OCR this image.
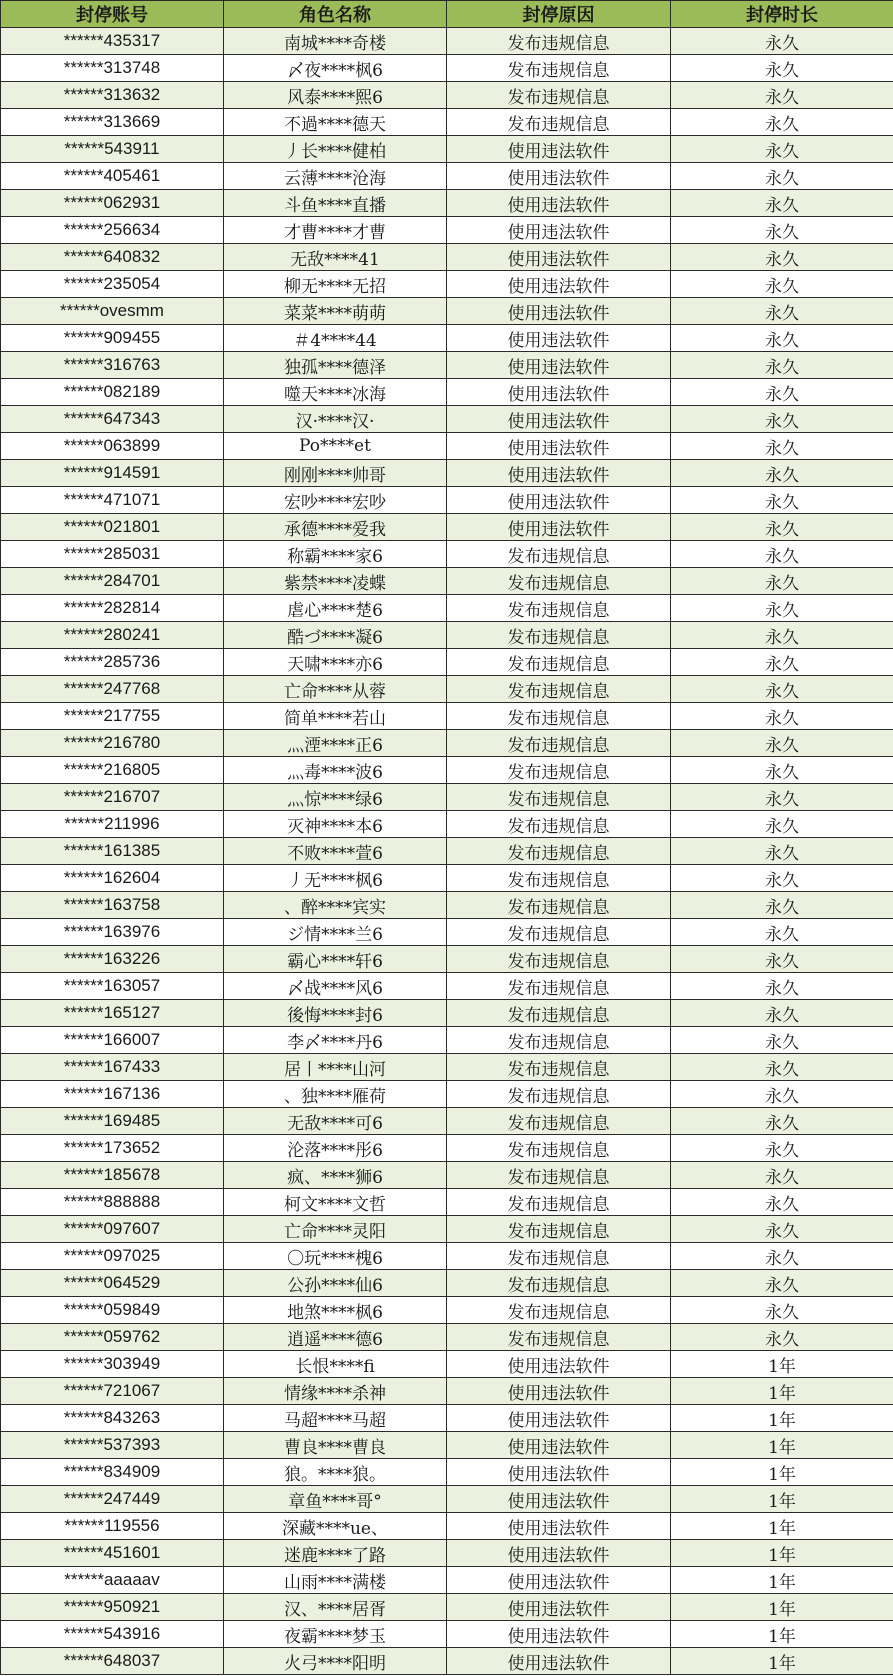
封停账号	角色名称	封停原因	封停时长
******435317	南城****奇楼	发布违规信息	永久
******313748	〆夜****枫6	发布违规信息	永久
******313632	风泰****熙6	发布违规信息	永久
******313669	不過****德天	发布违规信息	永久
******543911	丿长****健柏	使用违法软件	永久
******405461	云薄****沧海	使用违法软件	永久
******062931	斗鱼****直播	使用违法软件	永久
******256634	才曹****才曹	使用违法软件	永久
******640832	无敌****41	使用违法软件	永久
******235054	柳无****无招	使用违法软件	永久
******ovesmm	菜菜****萌萌	使用违法软件	永久
******909455	＃4****44	使用违法软件	永久
******316763	独孤****德泽	使用违法软件	永久
******082189	噬天****冰海	使用违法软件	永久
******647343	汉·****汉·	使用违法软件	永久
******063899	Po****et	使用违法软件	永久
******914591	刚刚****帅哥	使用违法软件	永久
******471071	宏吵****宏吵	使用违法软件	永久
******021801	承德****爱我	使用违法软件	永久
******285031	称霸****家6	发布违规信息	永久
******284701	紫禁****凌蝶	发布违规信息	永久
******282814	虐心****楚6	发布违规信息	永久
******280241	酷づ****凝6	发布违规信息	永久
******285736	天啸****亦6	发布违规信息	永久
******247768	亡命****从蓉	发布违规信息	永久
******217755	简单****若山	发布违规信息	永久
******216780	灬湮****正6	发布违规信息	永久
******216805	灬毒****波6	发布违规信息	永久
******216707	灬惊****绿6	发布违规信息	永久
******211996	灭神****本6	发布违规信息	永久
******161385	不败****萱6	发布违规信息	永久
******162604	丿无****枫6	发布违规信息	永久
******163758	、醉****宾实	发布违规信息	永久
******163976	ジ情****兰6	发布违规信息	永久
******163226	霸心****轩6	发布违规信息	永久
******163057	〆战****风6	发布违规信息	永久
******165127	後悔****封6	发布违规信息	永久
******166007	李〆****丹6	发布违规信息	永久
******167433	居丨****山河	发布违规信息	永久
******167136	、独****雁荷	发布违规信息	永久
******169485	无敌****可6	发布违规信息	永久
******173652	沦落****彤6	发布违规信息	永久
******185678	疯、****狮6	发布违规信息	永久
******888888	柯文****文哲	发布违规信息	永久
******097607	亡命****灵阳	发布违规信息	永久
******097025	〇玩****槐6	发布违规信息	永久
******064529	公孙****仙6	发布违规信息	永久
******059849	地煞****枫6	发布违规信息	永久
******059762	逍遥****德6	发布违规信息	永久
******303949	长恨****fi	使用违法软件	1年
******721067	情缘****杀神	使用违法软件	1年
******843263	马超****马超	使用违法软件	1年
******537393	曹良****曹良	使用违法软件	1年
******834909	狼。****狼。	使用违法软件	1年
******247449	章鱼****哥°	使用违法软件	1年
******119556	深藏****ue、	使用违法软件	1年
******451601	迷鹿****了路	使用违法软件	1年
******aaaaav	山雨****满楼	使用违法软件	1年
******950921	汉、****居胥	使用违法软件	1年
******543916	夜霸****梦玉	使用违法软件	1年
******648037	火弓****阳明	使用违法软件	1年
